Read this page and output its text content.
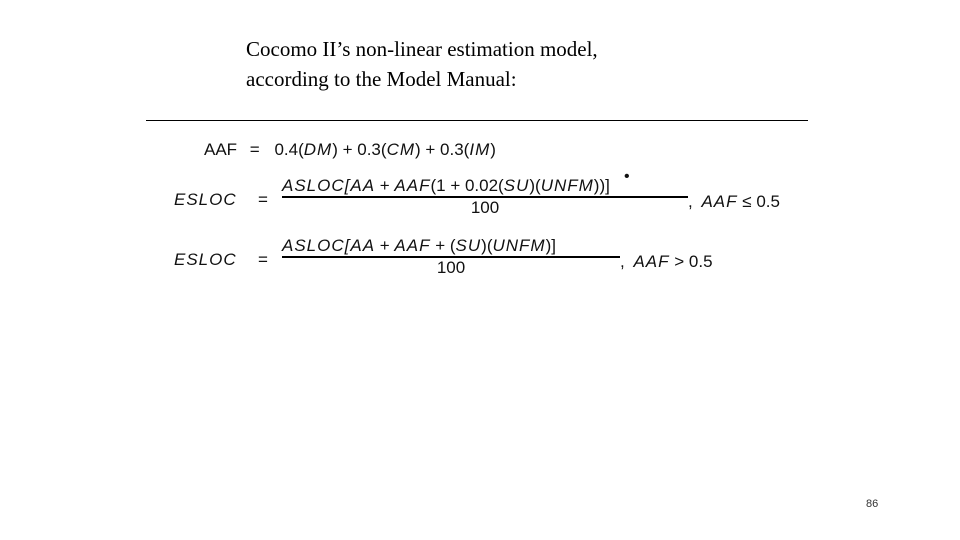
Cocomo II’s non-linear estimation model,
according to the Model Manual:
AAF = 0.4(DM) + 0.3(CM) + 0.3(IM)
ESLOC =
•
ASLOC[AA + AAF(1 + 0.02(SU)(UNFM))]
100	, AAF ≤ 0.5
ESLOC =
ASLOC[AA + AAF + (SU)(UNFM)]
100	, AAF > 0.5
86
